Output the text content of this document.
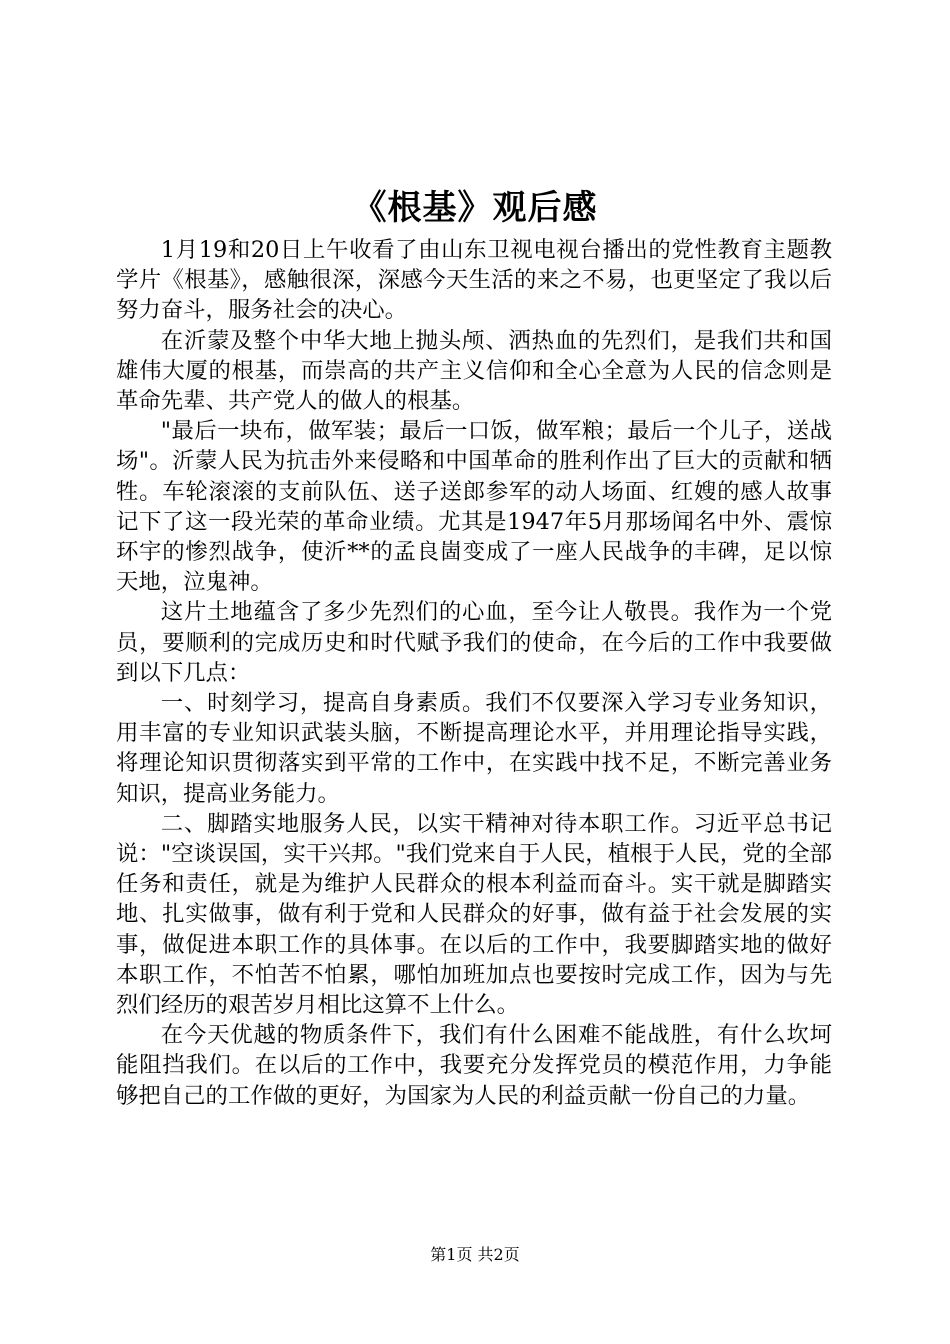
《根基》观后感

1月19和20日上午收看了由山东卫视电视台播出的党性教育主题教学片《根基》，感触很深，深感今天生活的来之不易，也更坚定了我以后努力奋斗，服务社会的决心。

在沂蒙及整个中华大地上抛头颅、洒热血的先烈们，是我们共和国雄伟大厦的根基，而崇高的共产主义信仰和全心全意为人民的信念则是革命先辈、共产党人的做人的根基。

"最后一块布，做军装；最后一口饭，做军粮；最后一个儿子，送战场"。沂蒙人民为抗击外来侵略和中国革命的胜利作出了巨大的贡献和牺牲。车轮滚滚的支前队伍、送子送郎参军的动人场面、红嫂的感人故事记下了这一段光荣的革命业绩。尤其是1947年5月那场闻名中外、震惊环宇的惨烈战争，使沂**的孟良崮变成了一座人民战争的丰碑，足以惊天地，泣鬼神。

这片土地蕴含了多少先烈们的心血，至今让人敬畏。我作为一个党员，要顺利的完成历史和时代赋予我们的使命，在今后的工作中我要做到以下几点：

一、时刻学习，提高自身素质。我们不仅要深入学习专业务知识，用丰富的专业知识武装头脑，不断提高理论水平，并用理论指导实践，将理论知识贯彻落实到平常的工作中，在实践中找不足，不断完善业务知识，提高业务能力。

二、脚踏实地服务人民，以实干精神对待本职工作。习近平总书记说："空谈误国，实干兴邦。"我们党来自于人民，植根于人民，党的全部任务和责任，就是为维护人民群众的根本利益而奋斗。实干就是脚踏实地、扎实做事，做有利于党和人民群众的好事，做有益于社会发展的实事，做促进本职工作的具体事。在以后的工作中，我要脚踏实地的做好本职工作，不怕苦不怕累，哪怕加班加点也要按时完成工作，因为与先烈们经历的艰苦岁月相比这算不上什么。

在今天优越的物质条件下，我们有什么困难不能战胜，有什么坎坷能阻挡我们。在以后的工作中，我要充分发挥党员的模范作用，力争能够把自己的工作做的更好，为国家为人民的利益贡献一份自己的力量。

第1页 共2页
